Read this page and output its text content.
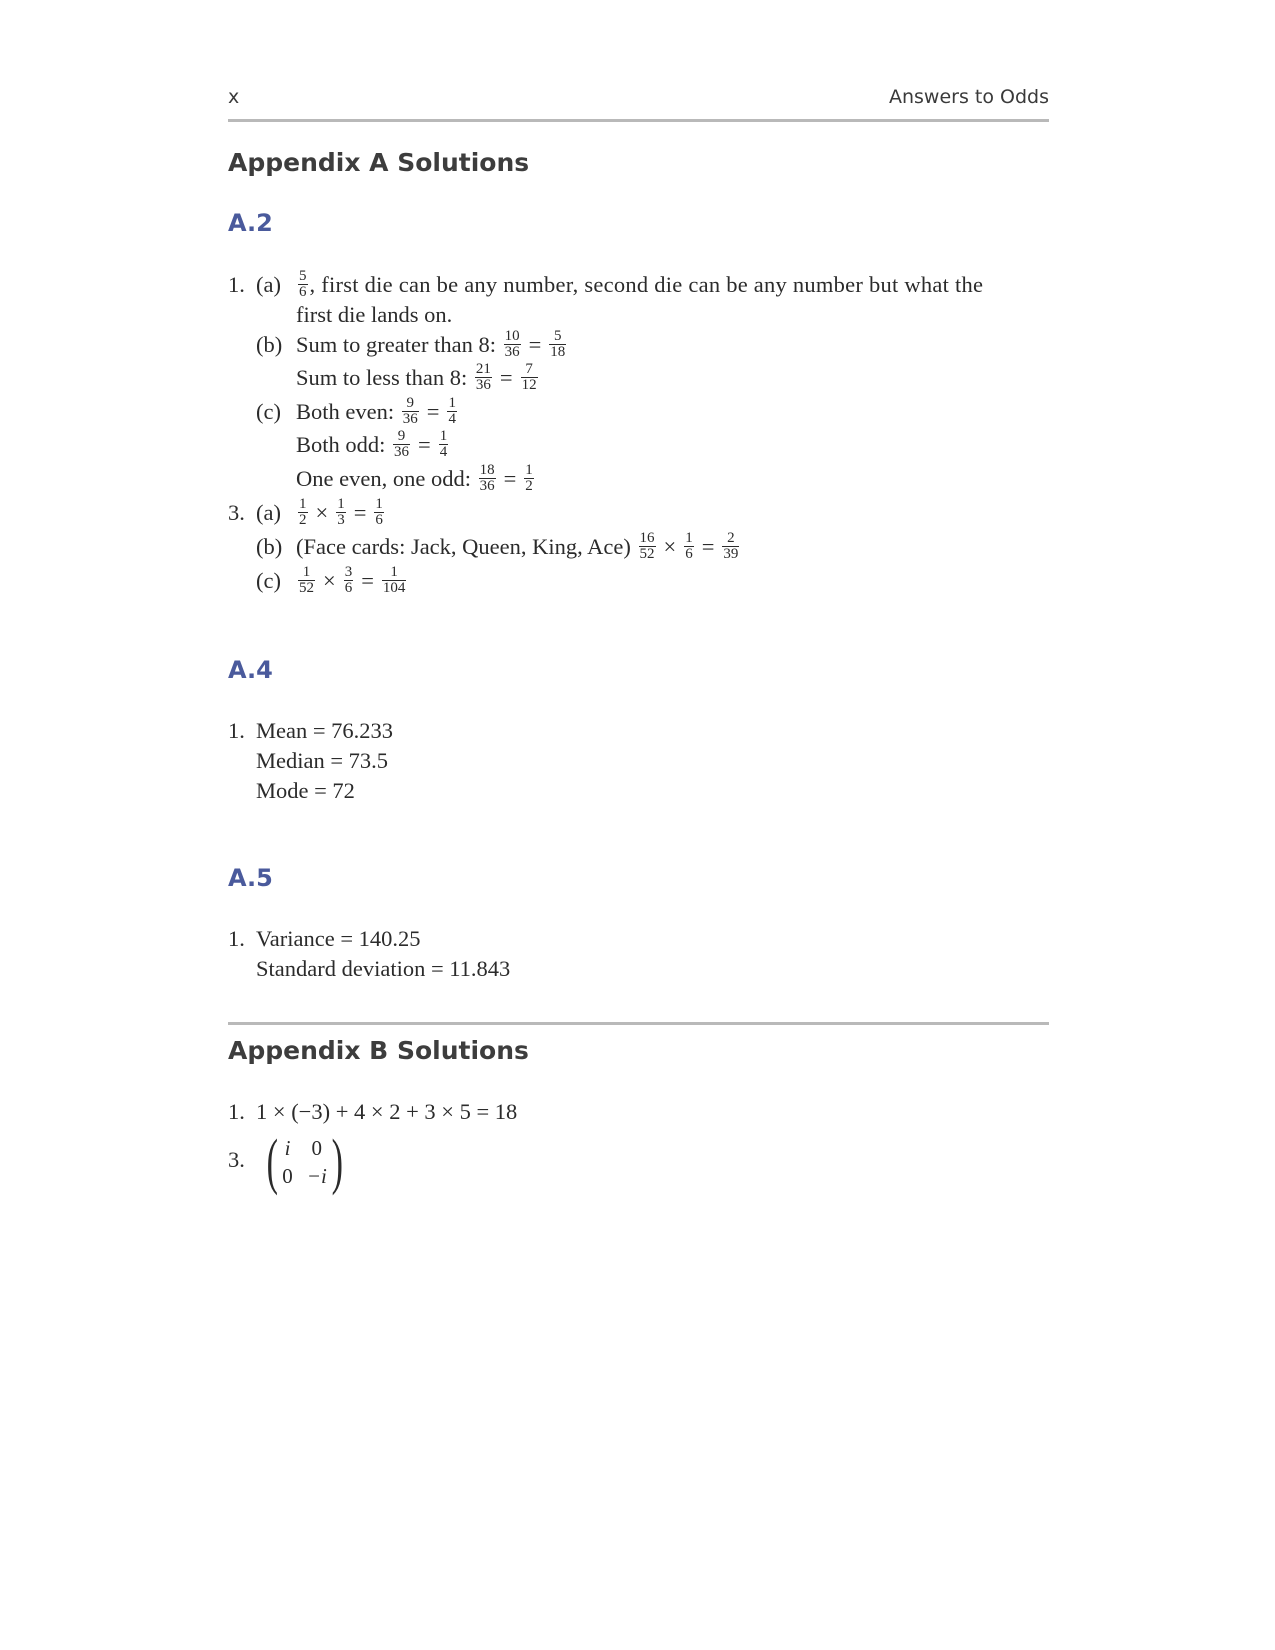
x	Answers to Odds
Appendix A Solutions
A.2
1. $(a) \frac{5}{6}$ , first die can be any number, second die can be any number but what the
first die lands on.
(b) Sum to greater than 8: $\frac{10}{36} = \frac{5}{18}$
Sum to less than 8: $\frac{21}{36} = \frac{7}{12}$
(c) Both even: $\frac{9}{36} = \frac{1}{4}$
Both odd: $\frac{9}{36} = \frac{1}{4}$
One even, one odd: $\frac{18}{36} = \frac{1}{2}$
3. $(a) \frac{1}{2} \times \frac{1}{3} = \frac{1}{6}$
(b) (Face cards: Jack, Queen, King, $Ace) \frac{16}{52} \times \frac{1}{6} = \frac{2}{39}$
$(c) \frac{1}{52} \times \frac{3}{6} = \frac{1}{104}$
A.4
1. Mean = 76.233
Median = 73.5
Mode = 72
A.5
1. Variance = 140.25
Standard deviation = 11.843
Appendix B Solutions
1. 1 × (−3) + 4 × 2 + 3 × 5 = 18
3. ( i 0
0 −i )
